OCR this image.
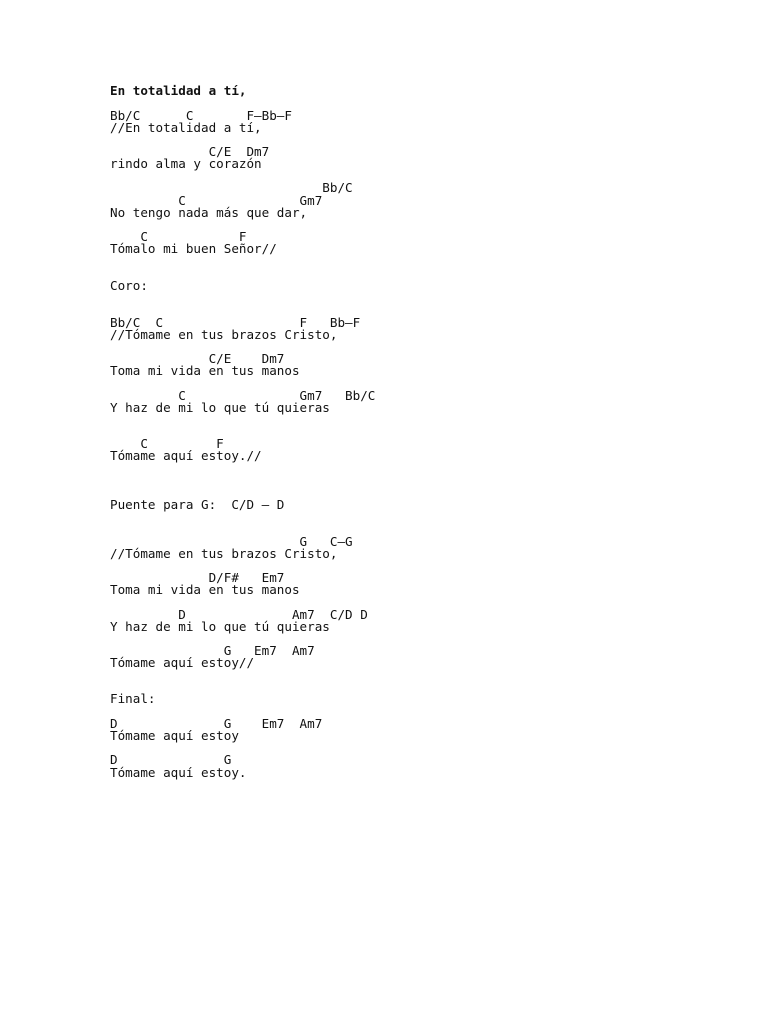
En totalidad a tí,
Bb/C      C       F–Bb–F
//En totalidad a tí,
C/E  Dm7
rindo alma y corazón
Bb/C
C               Gm7
No tengo nada más que dar,
C            F
Tómalo mi buen Señor//
Coro:
Bb/C  C                  F   Bb–F
//Tómame en tus brazos Cristo,
C/E    Dm7
Toma mi vida en tus manos
C               Gm7   Bb/C
Y haz de mi lo que tú quieras
C         F
Tómame aquí estoy.//
Puente para G:  C/D – D
G   C–G
//Tómame en tus brazos Cristo,
D/F#   Em7
Toma mi vida en tus manos
D              Am7  C/D D
Y haz de mi lo que tú quieras
G   Em7  Am7
Tómame aquí estoy//
Final:
D              G    Em7  Am7
Tómame aquí estoy
D              G
Tómame aquí estoy.
